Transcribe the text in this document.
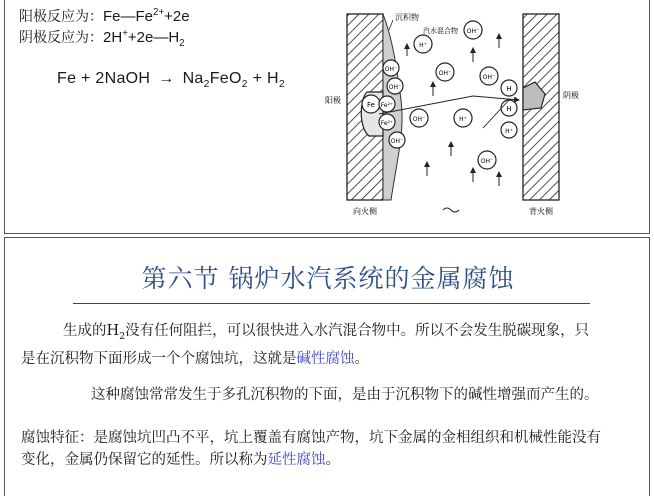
阳极反应为：$Fe—Fe^{2+}+2e$
阴极反应为：$2H^++2e—H_2$
Fe + 2NaOH → $Na_2FeO_2 + H_2$
Fe Fe²⁺
Fe²⁺
OH⁻
OH⁻
OH⁻
H⁺
OH⁻
OH⁻
OH⁻	H⁺
OH⁻
OH⁻
H
H
H⁺
沉积物
汽水混合物
阳极
阴极
向火侧	背火侧
第六节 锅炉水汽系统的金属腐蚀
生成的$H_2$没有任何阻拦，可以很快进入水汽混合物中。所以不会发生脱碳现象，只是在沉积物下面形成一个个腐蚀坑，这就是碱性腐蚀。
这种腐蚀常常发生于多孔沉积物的下面，是由于沉积物下的碱性增强而产生的。
腐蚀特征：是腐蚀坑凹凸不平，坑上覆盖有腐蚀产物，坑下金属的金相组织和机械性能没有变化，金属仍保留它的延性。所以称为延性腐蚀。
